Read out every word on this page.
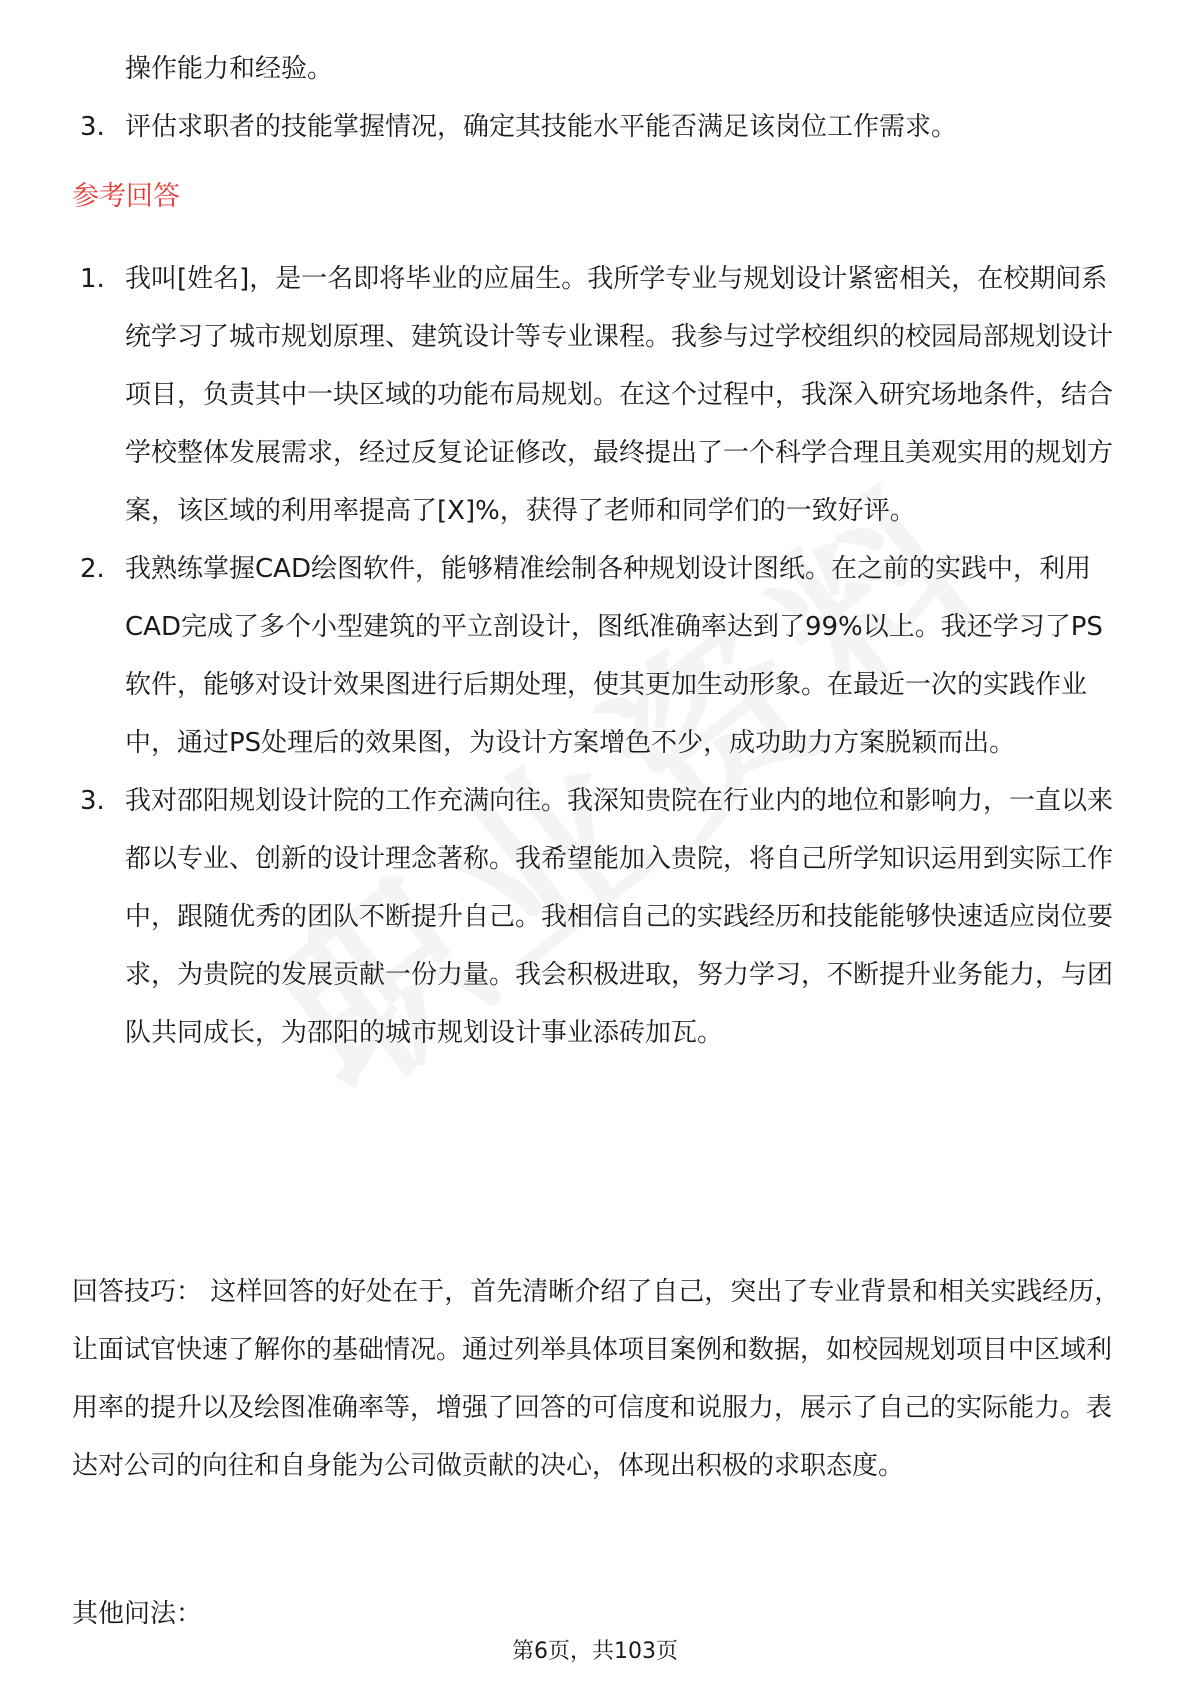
操作能力和经验。
3. 评估求职者的技能掌握情况，确定其技能水平能否满足该岗位工作需求。
参考回答
1. 我叫[姓名]，是一名即将毕业的应届生。我所学专业与规划设计紧密相关，在校期间系统学习了城市规划原理、建筑设计等专业课程。我参与过学校组织的校园局部规划设计项目，负责其中一块区域的功能布局规划。在这个过程中，我深入研究场地条件，结合学校整体发展需求，经过反复论证修改，最终提出了一个科学合理且美观实用的规划方案，该区域的利用率提高了[X]%，获得了老师和同学们的一致好评。
2. 我熟练掌握CAD绘图软件，能够精准绘制各种规划设计图纸。在之前的实践中，利用CAD完成了多个小型建筑的平立剖设计，图纸准确率达到了99%以上。我还学习了PS软件，能够对设计效果图进行后期处理，使其更加生动形象。在最近一次的实践作业中，通过PS处理后的效果图，为设计方案增色不少，成功助力方案脱颖而出。
3. 我对邵阳规划设计院的工作充满向往。我深知贵院在行业内的地位和影响力，一直以来都以专业、创新的设计理念著称。我希望能加入贵院，将自己所学知识运用到实际工作中，跟随优秀的团队不断提升自己。我相信自己的实践经历和技能能够快速适应岗位要求，为贵院的发展贡献一份力量。我会积极进取，努力学习，不断提升业务能力，与团队共同成长，为邵阳的城市规划设计事业添砖加瓦。
回答技巧： 这样回答的好处在于，首先清晰介绍了自己，突出了专业背景和相关实践经历，让面试官快速了解你的基础情况。通过列举具体项目案例和数据，如校园规划项目中区域利用率的提升以及绘图准确率等，增强了回答的可信度和说服力，展示了自己的实际能力。表达对公司的向往和自身能为公司做贡献的决心，体现出积极的求职态度。
其他问法：
第6页，共103页
